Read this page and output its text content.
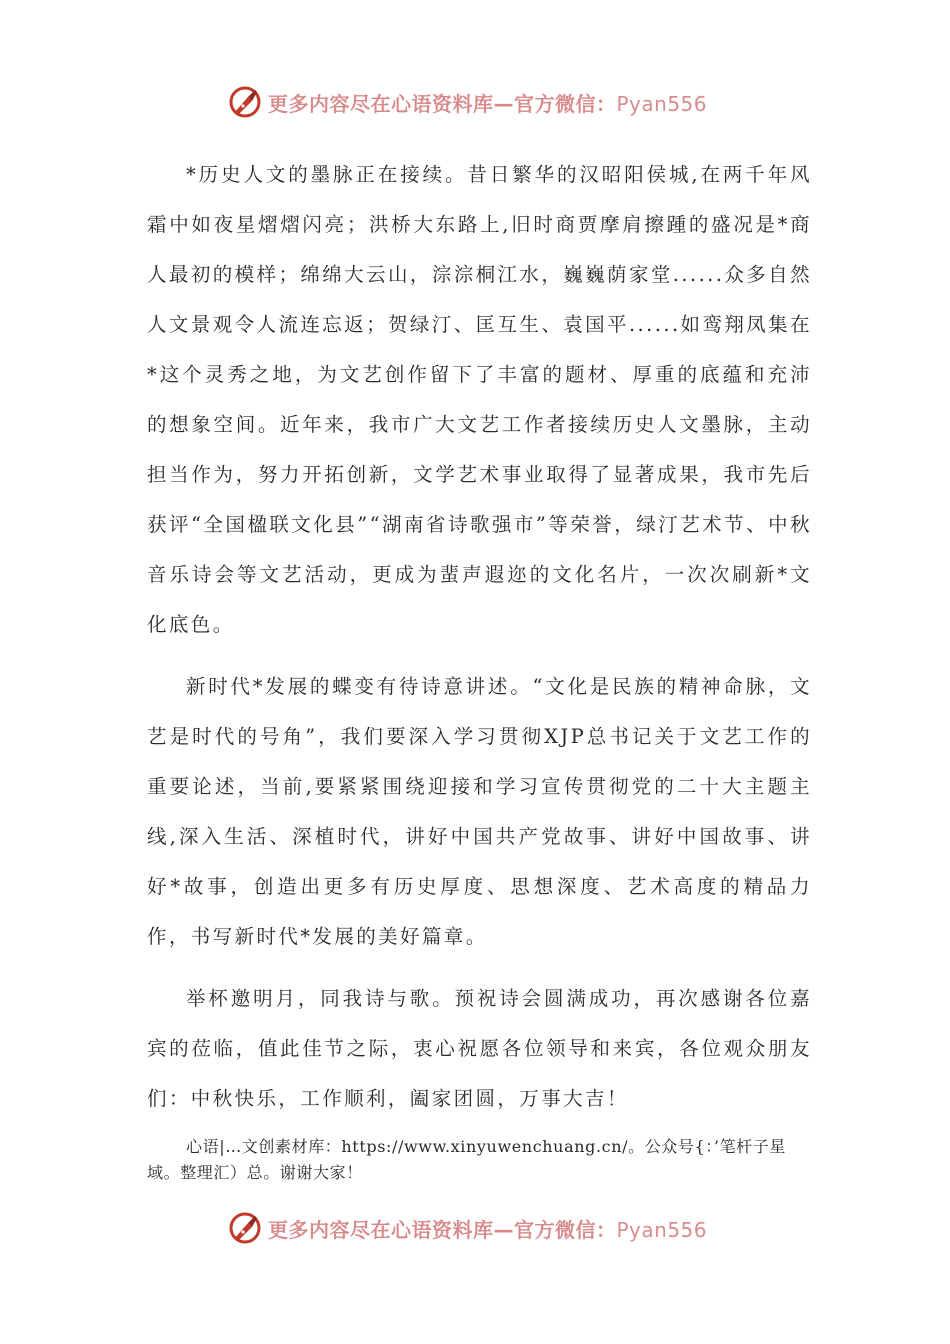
更多内容尽在心语资料库—官方微信：Pyan556

*历史人文的墨脉正在接续。昔日繁华的汉昭阳侯城,在两千年风霜中如夜星熠熠闪亮；洪桥大东路上,旧时商贾摩肩擦踵的盛况是*商人最初的模样；绵绵大云山，淙淙桐江水，巍巍荫家堂......众多自然人文景观令人流连忘返；贺绿汀、匡互生、袁国平......如鸾翔凤集在*这个灵秀之地，为文艺创作留下了丰富的题材、厚重的底蕴和充沛的想象空间。近年来，我市广大文艺工作者接续历史人文墨脉，主动担当作为，努力开拓创新，文学艺术事业取得了显著成果，我市先后获评“全国楹联文化县”“湖南省诗歌强市”等荣誉，绿汀艺术节、中秋音乐诗会等文艺活动，更成为蜚声遐迩的文化名片，一次次刷新*文化底色。

新时代*发展的蝶变有待诗意讲述。“文化是民族的精神命脉，文艺是时代的号角”，我们要深入学习贯彻XJP总书记关于文艺工作的重要论述，当前,要紧紧围绕迎接和学习宣传贯彻党的二十大主题主线,深入生活、深植时代，讲好中国共产党故事、讲好中国故事、讲好*故事，创造出更多有历史厚度、思想深度、艺术高度的精品力作，书写新时代*发展的美好篇章。

举杯邀明月，同我诗与歌。预祝诗会圆满成功，再次感谢各位嘉宾的莅临，值此佳节之际，衷心祝愿各位领导和来宾，各位观众朋友们：中秋快乐，工作顺利，阖家团圆，万事大吉！

心语|…文创素材库：https://www.xinyuwenchuang.cn/。公众号{：’笔杆子星域。整理汇）总。谢谢大家！

更多内容尽在心语资料库—官方微信：Pyan556
